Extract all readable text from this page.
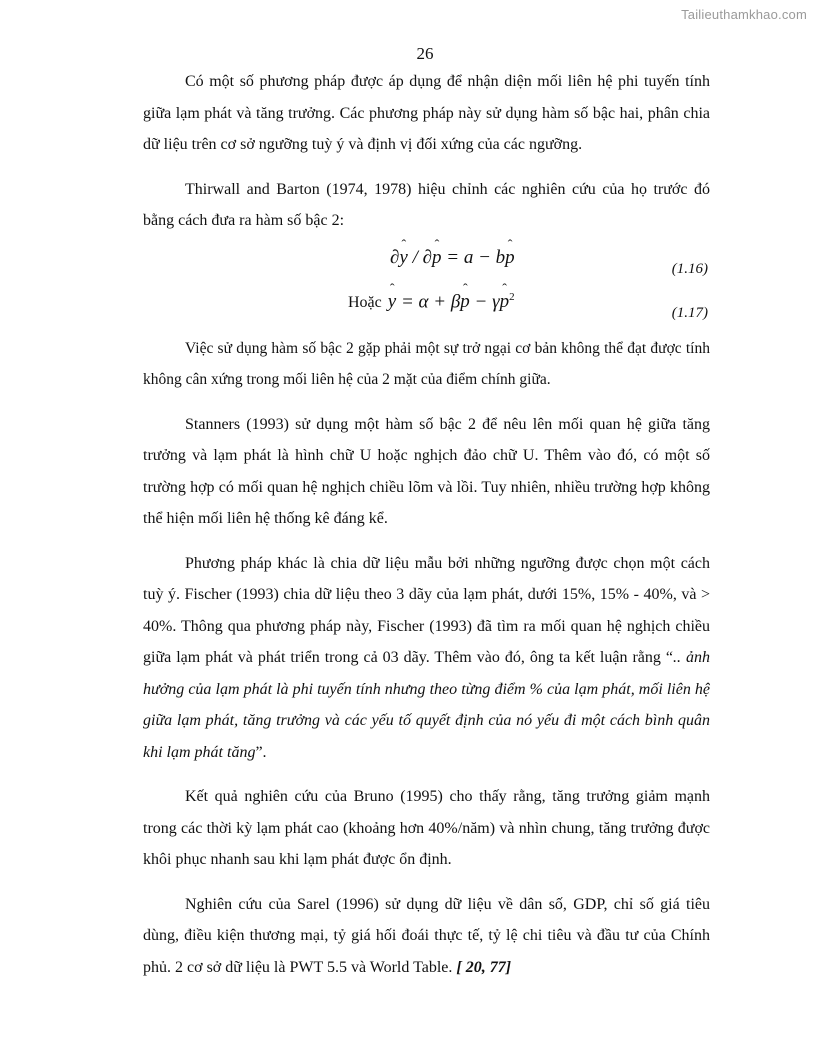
Tailieuthamkhao.com
26

Có một số phương pháp được áp dụng để nhận diện mối liên hệ phi tuyến tính giữa lạm phát và tăng trưởng. Các phương pháp này sử dụng hàm số bậc hai, phân chia dữ liệu trên cơ sở ngưỡng tuỳ ý và định vị đối xứng của các ngưỡng.

Thirwall and Barton (1974, 1978) hiệu chỉnh các nghiên cứu của họ trước đó bằng cách đưa ra hàm số bậc 2:

∂ˆ y / ∂ˆ p = a − bˆ p
(1.16)
Hoặcˆ y = α + βˆ p − γˆ $p^2$
(1.17)

Việc sử dụng hàm số bậc 2 gặp phải một sự trở ngại cơ bản không thể đạt được tính không cân xứng trong mối liên hệ của 2 mặt của điểm chính giữa.

Stanners (1993) sử dụng một hàm số bậc 2 để nêu lên mối quan hệ giữa tăng trưởng và lạm phát là hình chữ U hoặc nghịch đảo chữ U. Thêm vào đó, có một số trường hợp có mối quan hệ nghịch chiều lõm và lồi. Tuy nhiên, nhiều trường hợp không thể hiện mối liên hệ thống kê đáng kể.

Phương pháp khác là chia dữ liệu mẫu bởi những ngưỡng được chọn một cách tuỳ ý. Fischer (1993) chia dữ liệu theo 3 dãy của lạm phát, dưới 15%, 15% - 40%, và > 40%. Thông qua phương pháp này, Fischer (1993) đã tìm ra mối quan hệ nghịch chiều giữa lạm phát và phát triển trong cả 03 dãy. Thêm vào đó, ông ta kết luận rằng “.. ảnh hưởng của lạm phát là phi tuyến tính nhưng theo từng điểm % của lạm phát, mối liên hệ giữa lạm phát, tăng trưởng và các yếu tố quyết định của nó yếu đi một cách bình quân khi lạm phát tăng”.

Kết quả nghiên cứu của Bruno (1995) cho thấy rằng, tăng trưởng giảm mạnh trong các thời kỳ lạm phát cao (khoảng hơn 40%/năm) và nhìn chung, tăng trưởng được khôi phục nhanh sau khi lạm phát được ổn định.

Nghiên cứu của Sarel (1996) sử dụng dữ liệu về dân số, GDP, chỉ số giá tiêu dùng, điều kiện thương mại, tỷ giá hối đoái thực tế, tỷ lệ chi tiêu và đầu tư của Chính phủ. 2 cơ sở dữ liệu là PWT 5.5 và World Table. [ 20, 77]
